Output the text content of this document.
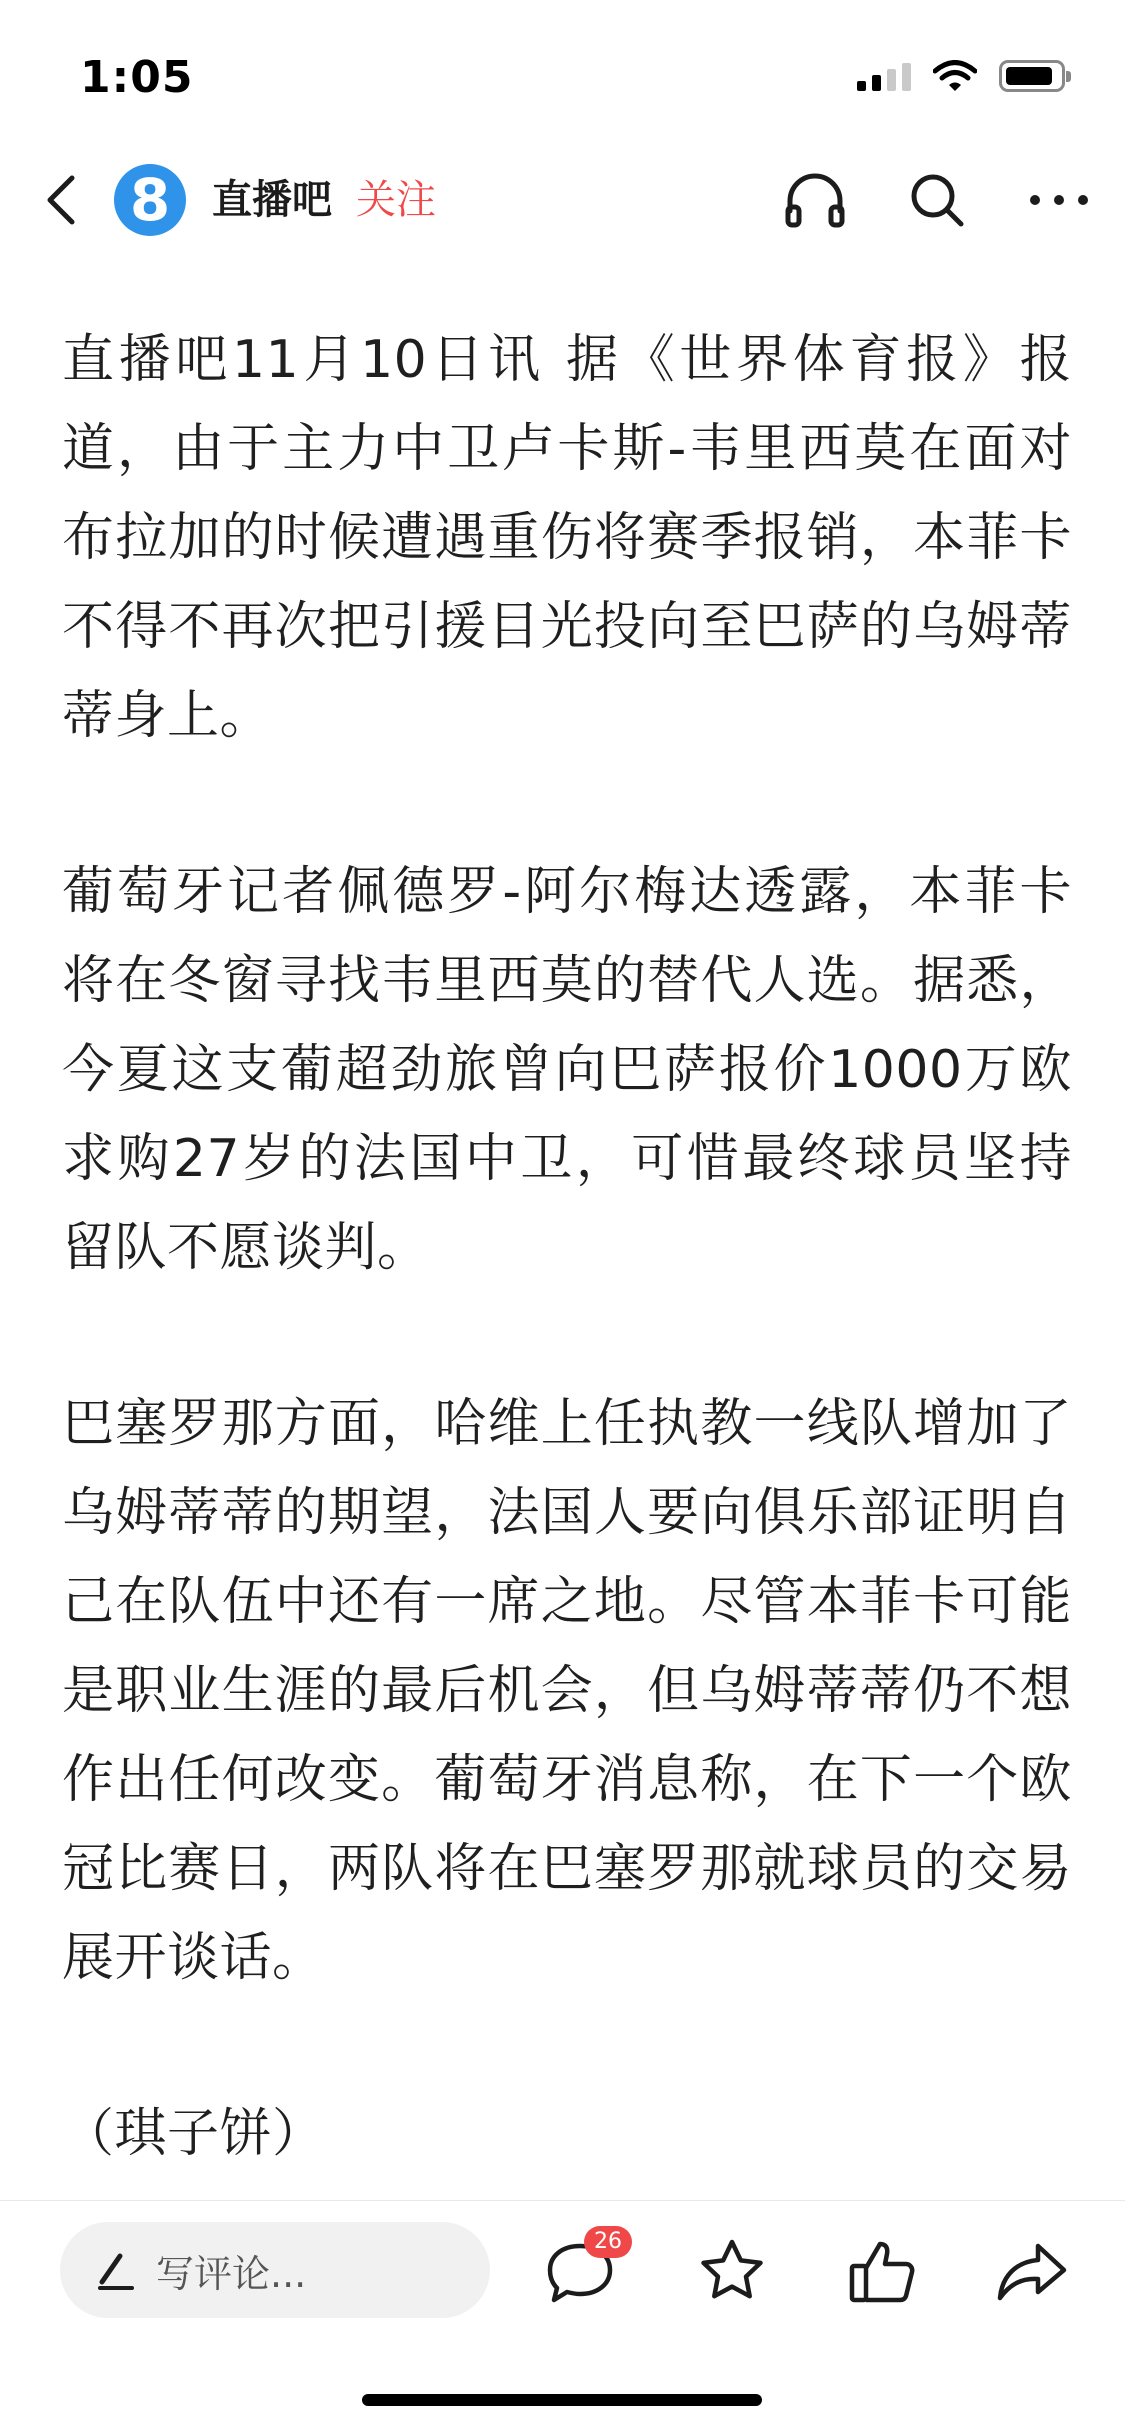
1:05
8 直播吧 关注

直播吧11月10日讯 据《世界体育报》报道，由于主力中卫卢卡斯-韦里西莫在面对布拉加的时候遭遇重伤将赛季报销，本菲卡不得不再次把引援目光投向至巴萨的乌姆蒂蒂身上。

葡萄牙记者佩德罗-阿尔梅达透露，本菲卡将在冬窗寻找韦里西莫的替代人选。据悉，今夏这支葡超劲旅曾向巴萨报价1000万欧求购27岁的法国中卫，可惜最终球员坚持留队不愿谈判。

巴塞罗那方面，哈维上任执教一线队增加了乌姆蒂蒂的期望，法国人要向俱乐部证明自己在队伍中还有一席之地。尽管本菲卡可能是职业生涯的最后机会，但乌姆蒂蒂仍不想作出任何改变。葡萄牙消息称，在下一个欧冠比赛日，两队将在巴塞罗那就球员的交易展开谈话。

（琪子饼）

写评论...
26
